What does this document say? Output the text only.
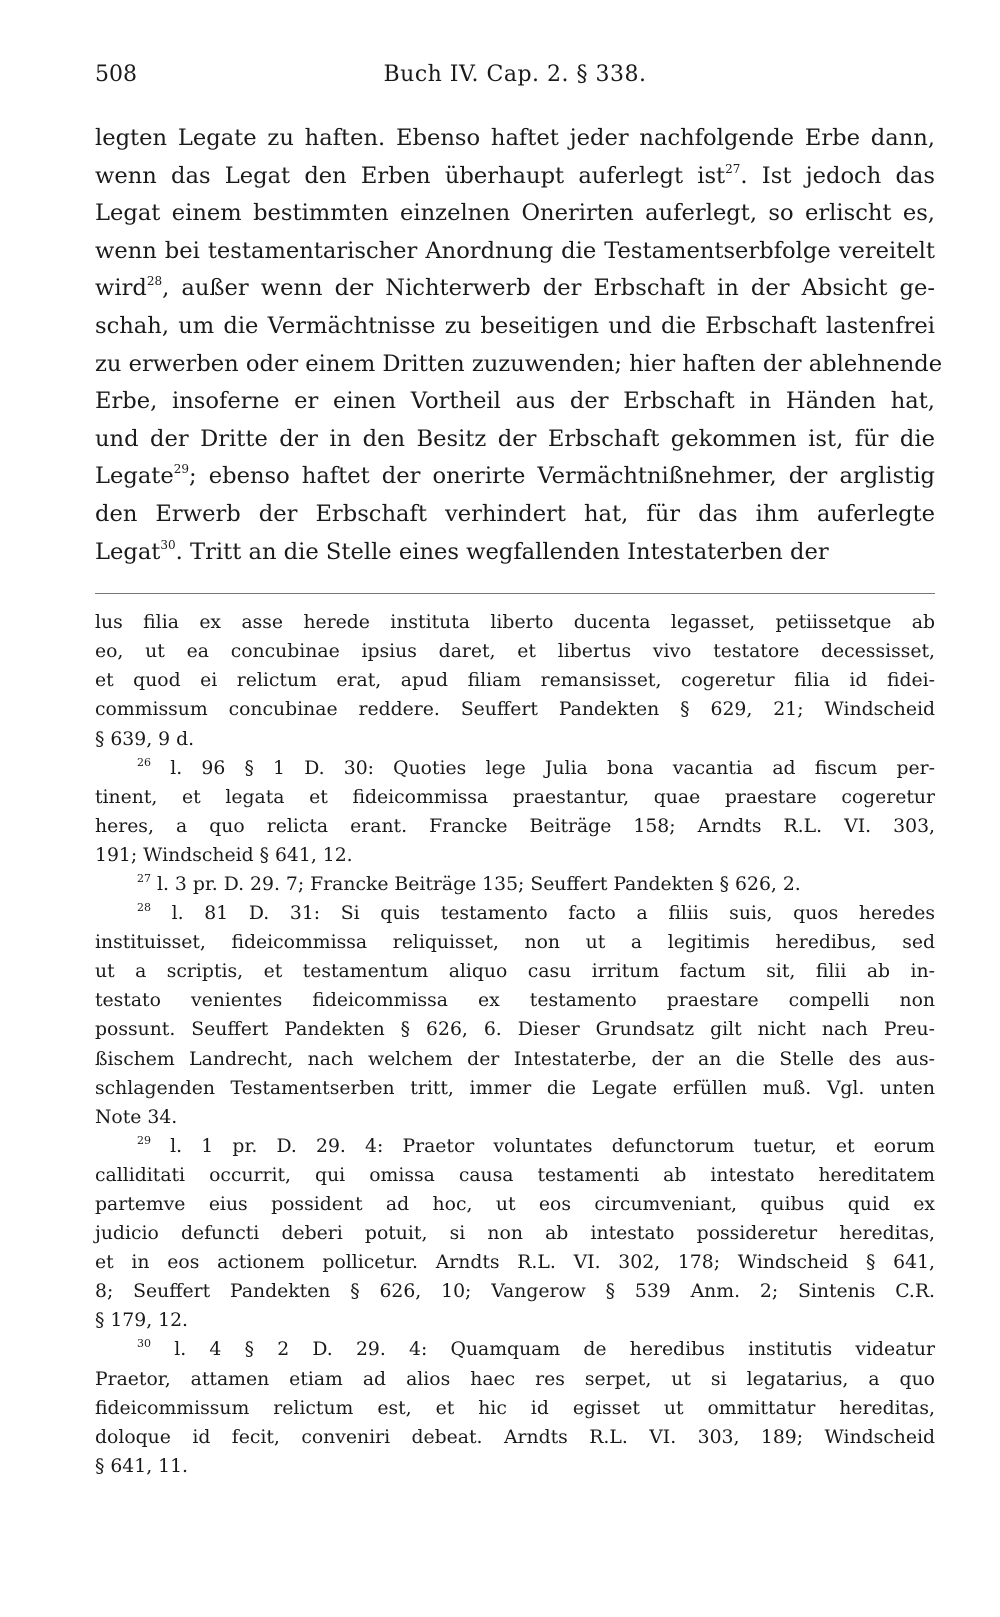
508	Buch IV. Cap. 2. § 338.
legten Legate zu haften. Ebenso haftet jeder nachfolgende Erbe dann,
wenn das Legat den Erben überhaupt auferlegt ist$^{27}$. Ist jedoch das
Legat einem bestimmten einzelnen Onerirten auferlegt, so erlischt es,
wenn bei testamentarischer Anordnung die Testamentserbfolge vereitelt
wird$^{28}$, außer wenn der Nichterwerb der Erbschaft in der Absicht ge-
schah, um die Vermächtnisse zu beseitigen und die Erbschaft lastenfrei
zu erwerben oder einem Dritten zuzuwenden; hier haften der ablehnende
Erbe, insoferne er einen Vortheil aus der Erbschaft in Händen hat,
und der Dritte der in den Besitz der Erbschaft gekommen ist, für die
Legate$^{29}$; ebenso haftet der onerirte Vermächtnißnehmer, der arglistig
den Erwerb der Erbschaft verhindert hat, für das ihm auferlegte
Legat$^{30}$. Tritt an die Stelle eines wegfallenden Intestaterben der
lus filia ex asse herede instituta liberto ducenta legasset, petiissetque ab
eo, ut ea concubinae ipsius daret, et libertus vivo testatore decessisset,
et quod ei relictum erat, apud filiam remansisset, cogeretur filia id fidei-
commissum concubinae reddere. Seuffert Pandekten § 629, 21; Windscheid
§ 639, 9 d.
$^{26}$ l. 96 § 1 D. 30: Quoties lege Julia bona vacantia ad fiscum per-
tinent, et legata et fideicommissa praestantur, quae praestare cogeretur
heres, a quo relicta erant. Francke Beiträge 158; Arndts R.L. VI. 303,
191; Windscheid § 641, 12.
$^{27}$ l. 3 pr. D. 29. 7; Francke Beiträge 135; Seuffert Pandekten § 626, 2.
$^{28}$ l. 81 D. 31: Si quis testamento facto a filiis suis, quos heredes
instituisset, fideicommissa reliquisset, non ut a legitimis heredibus, sed
ut a scriptis, et testamentum aliquo casu irritum factum sit, filii ab in-
testato venientes fideicommissa ex testamento praestare compelli non
possunt. Seuffert Pandekten § 626, 6. Dieser Grundsatz gilt nicht nach Preu-
ßischem Landrecht, nach welchem der Intestaterbe, der an die Stelle des aus-
schlagenden Testamentserben tritt, immer die Legate erfüllen muß. Vgl. unten
Note 34.
$^{29}$ l. 1 pr. D. 29. 4: Praetor voluntates defunctorum tuetur, et eorum
calliditati occurrit, qui omissa causa testamenti ab intestato hereditatem
partemve eius possident ad hoc, ut eos circumveniant, quibus quid ex
judicio defuncti deberi potuit, si non ab intestato possideretur hereditas,
et in eos actionem pollicetur. Arndts R.L. VI. 302, 178; Windscheid § 641,
8; Seuffert Pandekten § 626, 10; Vangerow § 539 Anm. 2; Sintenis C.R.
§ 179, 12.
$^{30}$ l. 4 § 2 D. 29. 4: Quamquam de heredibus institutis videatur
Praetor, attamen etiam ad alios haec res serpet, ut si legatarius, a quo
fideicommissum relictum est, et hic id egisset ut ommittatur hereditas,
doloque id fecit, conveniri debeat. Arndts R.L. VI. 303, 189; Windscheid
§ 641, 11.
